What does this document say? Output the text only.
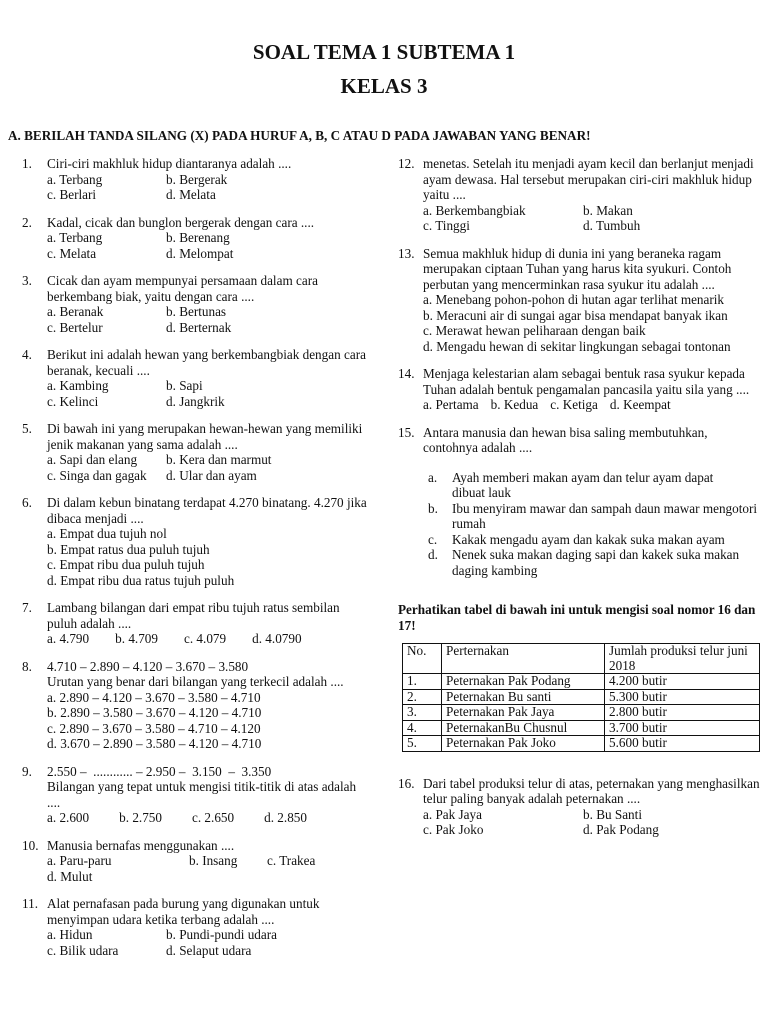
SOAL TEMA 1 SUBTEMA 1
KELAS 3
A. BERILAH TANDA SILANG (X) PADA HURUF A, B, C ATAU D PADA JAWABAN YANG BENAR!
1.	Ciri-ciri makhluk hidup diantaranya adalah ....
a. Terbang	b. Bergerak
c. Berlari	d. Melata
2.	Kadal, cicak dan bunglon bergerak dengan cara ....
a. Terbang	b. Berenang
c. Melata	d. Melompat
3.	Cicak dan ayam mempunyai persamaan dalam cara berkembang biak, yaitu dengan cara ....
a. Beranak	b. Bertunas
c. Bertelur	d. Berternak
4.	Berikut ini adalah hewan yang berkembangbiak dengan cara beranak, kecuali ....
a. Kambing	b. Sapi
c. Kelinci	d. Jangkrik
5.	Di bawah ini yang merupakan hewan-hewan yang memiliki jenik makanan yang sama adalah ....
a. Sapi dan elang	b. Kera dan marmut
c. Singa dan gagak	d. Ular dan ayam
6.	Di dalam kebun binatang terdapat 4.270 binatang. 4.270 jika dibaca menjadi ....
a. Empat dua tujuh nol
b. Empat ratus dua puluh tujuh
c. Empat ribu dua puluh tujuh
d. Empat ribu dua ratus tujuh puluh
7.	Lambang bilangan dari empat ribu tujuh ratus sembilan puluh adalah ....
a. 4.790 b. 4.709 c. 4.079 d. 4.0790
8.	4.710 – 2.890 – 4.120 – 3.670 – 3.580
Urutan yang benar dari bilangan yang terkecil adalah ....
a. 2.890 – 4.120 – 3.670 – 3.580 – 4.710
b. 2.890 – 3.580 – 3.670 – 4.120 – 4.710
c. 2.890 – 3.670 – 3.580 – 4.710 – 4.120
d. 3.670 – 2.890 – 3.580 – 4.120 – 4.710
9.	2.550 –  ............ – 2.950 –  3.150  –  3.350
Bilangan yang tepat untuk mengisi titik-titik di atas adalah ....
a. 2.600 b. 2.750 c. 2.650 d. 2.850
10. Manusia bernafas menggunakan ....
a. Paru-paru	b. Insang	c. Trakea
d. Mulut
11. Alat pernafasan pada burung yang digunakan untuk menyimpan udara ketika terbang adalah ....
a. Hidun	b. Pundi-pundi udara
c. Bilik udara	d. Selaput udara
12. menetas. Setelah itu menjadi ayam kecil dan berlanjut menjadi ayam dewasa. Hal tersebut merupakan ciri-ciri makhluk hidup yaitu ....
a. Berkembangbiak	b. Makan
c. Tinggi	d. Tumbuh
13. Semua makhluk hidup di dunia ini yang beraneka ragam merupakan ciptaan Tuhan yang harus kita syukuri. Contoh perbutan yang mencerminkan rasa syukur itu adalah ....
a. Menebang pohon-pohon di hutan agar terlihat menarik
b. Meracuni air di sungai agar bisa mendapat banyak ikan
c. Merawat hewan peliharaan dengan baik
d. Mengadu hewan di sekitar lingkungan sebagai tontonan
14. Menjaga kelestarian alam sebagai bentuk rasa syukur kepada Tuhan adalah bentuk pengamalan pancasila yaitu sila yang ....
a. Pertama b. Kedua c. Ketiga d. Keempat
15. Antara manusia dan hewan bisa saling membutuhkan, contohnya adalah ....
a.	Ayah memberi makan ayam dan telur ayam dapat      dibuat lauk
b.	Ibu menyiram mawar dan sampah daun mawar mengotori rumah
c.	Kakak mengadu ayam dan kakak suka makan ayam
d.	Nenek suka makan daging sapi dan kakek suka makan daging kambing
Perhatikan tabel di bawah ini untuk mengisi soal nomor 16 dan 17!
No.	Perternakan	Jumlah produksi telur juni 2018
1.	Peternakan Pak Podang	4.200 butir
2.	Peternakan Bu santi	5.300 butir
3.	Peternakan Pak Jaya	2.800 butir
4.	PeternakanBu Chusnul	3.700 butir
5.	Peternakan Pak Joko	5.600 butir
16. Dari tabel produksi telur di atas, peternakan yang menghasilkan telur paling banyak adalah peternakan ....
a. Pak Jaya	b. Bu Santi
c. Pak Joko	d. Pak Podang
